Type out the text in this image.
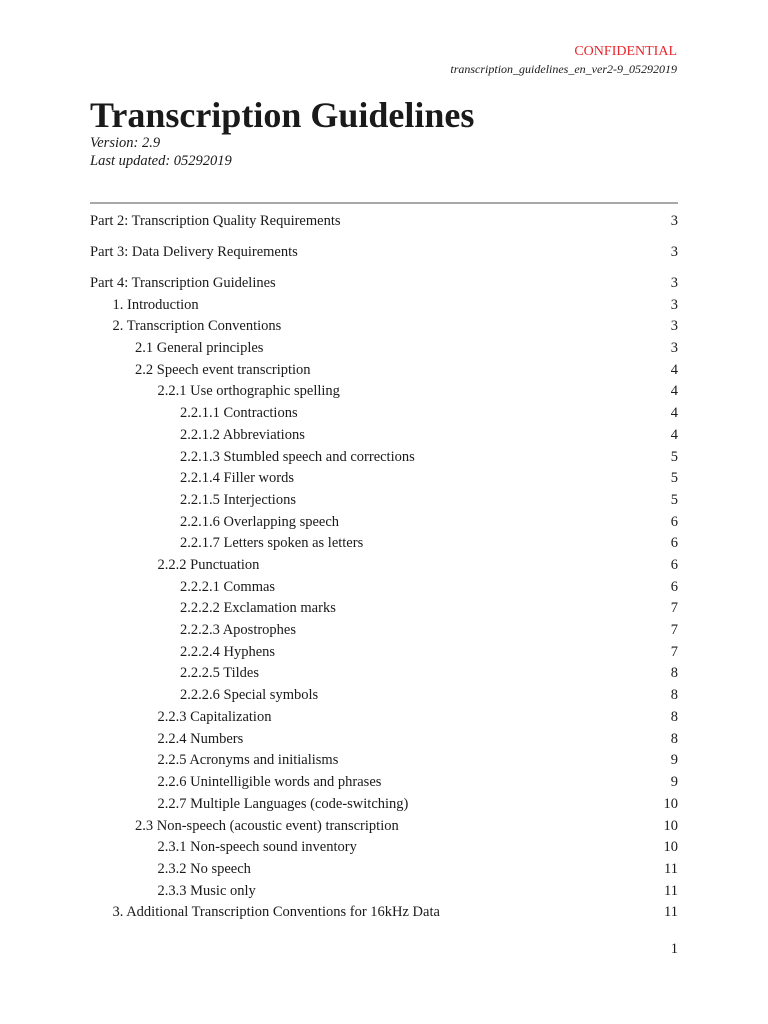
CONFIDENTIAL
transcription_guidelines_en_ver2-9_05292019
Transcription Guidelines
Version: 2.9
Last updated: 05292019
Part 2: Transcription Quality Requirements	3
Part 3: Data Delivery Requirements	3
Part 4: Transcription Guidelines	3
1. Introduction	3
2. Transcription Conventions	3
2.1 General principles	3
2.2 Speech event transcription	4
2.2.1 Use orthographic spelling	4
2.2.1.1 Contractions	4
2.2.1.2 Abbreviations	4
2.2.1.3 Stumbled speech and corrections	5
2.2.1.4 Filler words	5
2.2.1.5 Interjections	5
2.2.1.6 Overlapping speech	6
2.2.1.7 Letters spoken as letters	6
2.2.2 Punctuation	6
2.2.2.1 Commas	6
2.2.2.2 Exclamation marks	7
2.2.2.3 Apostrophes	7
2.2.2.4 Hyphens	7
2.2.2.5 Tildes	8
2.2.2.6 Special symbols	8
2.2.3 Capitalization	8
2.2.4 Numbers	8
2.2.5 Acronyms and initialisms	9
2.2.6 Unintelligible words and phrases	9
2.2.7 Multiple Languages (code-switching)	10
2.3 Non-speech (acoustic event) transcription	10
2.3.1 Non-speech sound inventory	10
2.3.2 No speech	11
2.3.3 Music only	11
3. Additional Transcription Conventions for 16kHz Data	11
1
